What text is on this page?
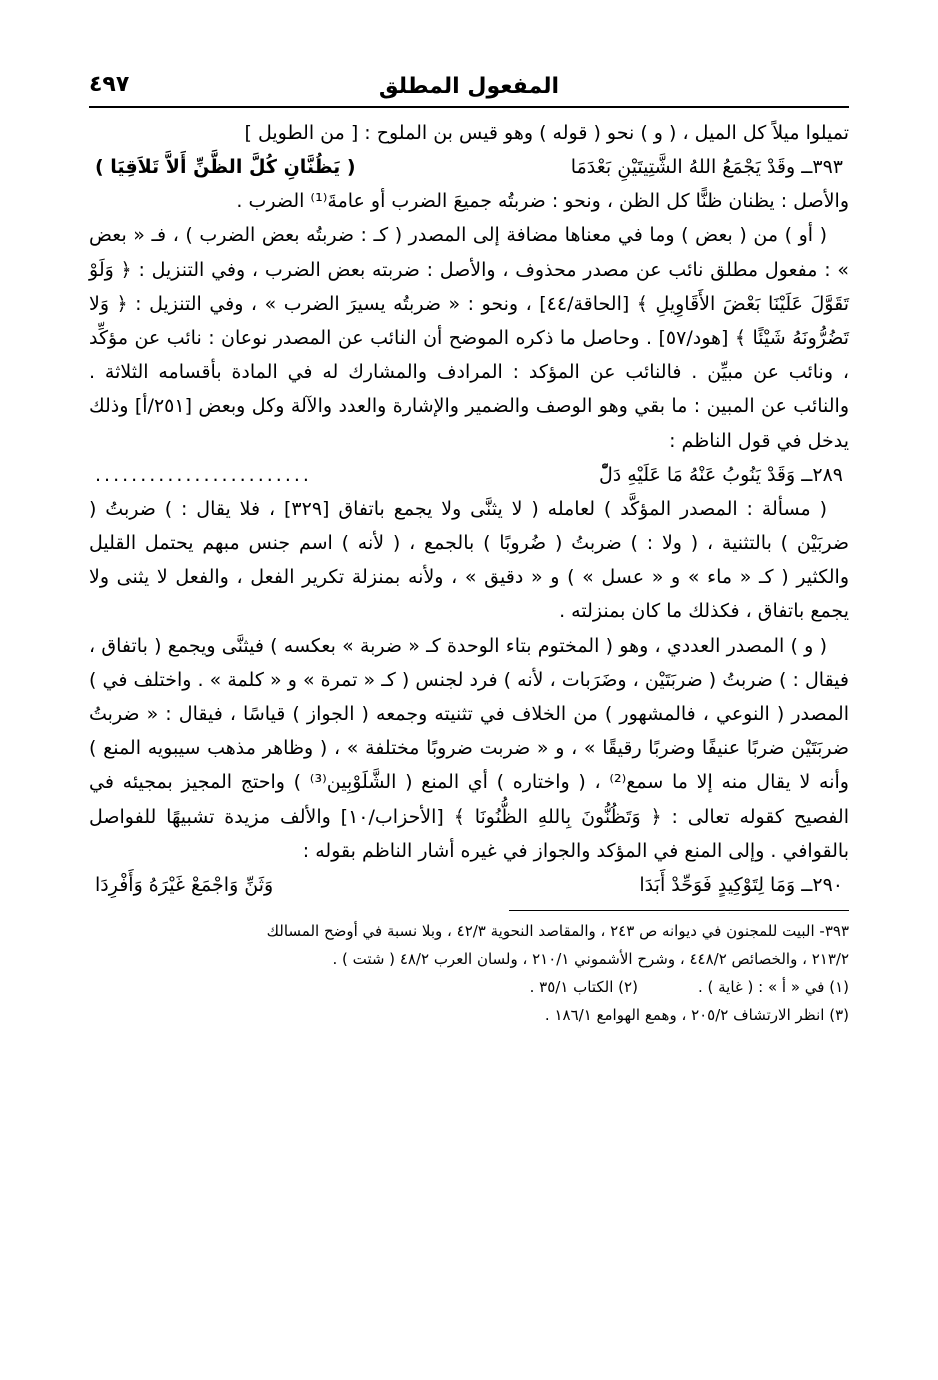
المفعول المطلق
٤٩٧

تميلوا ميلاً كل الميل ، ( و ) نحو ( قوله ) وهو قيس بن الملوح : [ من الطويل ]

٣٩٣ــ وقَدْ يَجْمَعُ اللهُ الشَّتِيتَيْنِ بَعْدَمَا
( يَظُنَّانِ كُلَّ الظَّنِّ أَلاَّ تَلاَقِيَا )

والأصل : يظنان ظنًّا كل الظن ، ونحو : ضربتُه جميعَ الضرب أو عامةَ⁽¹⁾ الضرب .

( أو ) من ( بعض ) وما في معناها مضافة إلى المصدر ( كـ : ضربتُه بعض الضرب ) ، فـ « بعض » : مفعول مطلق نائب عن مصدر محذوف ، والأصل : ضربته بعض الضرب ، وفي التنزيل : ﴿ وَلَوْ تَقَوَّلَ عَلَيْنَا بَعْضَ الأَقَاوِيلِ ﴾ [الحاقة/٤٤] ، ونحو : « ضربتُه يسيرَ الضرب » ، وفي التنزيل : ﴿ وَلا تَضُرُّونَهُ شَيْئًا ﴾ [هود/٥٧] . وحاصل ما ذكره الموضح أن النائب عن المصدر نوعان : نائب عن مؤكِّد ، ونائب عن مبيِّن . فالنائب عن المؤكد : المرادف والمشارك له في المادة بأقسامه الثلاثة . والنائب عن المبين : ما بقي وهو الوصف والضمير والإشارة والعدد والآلة وكل وبعض [٢٥١/أ] وذلك يدخل في قول الناظم :

٢٨٩ــ وَقَدْ يَنُوبُ عَنْهُ مَا عَلَيْهِ دَلّْ
........................

( مسألة : المصدر المؤكَّد ) لعامله ( لا يثنَّى ولا يجمع باتفاق [٣٢٩] ، فلا يقال : ) ضربتُ ( ضربَيْن ) بالتثنية ، ( ولا : ) ضربتُ ( ضُروبًا ) بالجمع ، ( لأنه ) اسم جنس مبهم يحتمل القليل والكثير ( كـ « ماء » و « عسل » ) و « دقيق » ، ولأنه بمنزلة تكرير الفعل ، والفعل لا يثنى ولا يجمع باتفاق ، فكذلك ما كان بمنزلته .

( و ) المصدر العددي ، وهو ( المختوم بتاء الوحدة كـ « ضربة » بعكسه ) فيثنَّى ويجمع ( باتفاق ، فيقال : ) ضربتُ ( ضربَتَيْن ، وضَرَبات ، لأنه ) فرد لجنس ( كـ « تمرة » و « كلمة » . واختلف في ) المصدر ( النوعي ، فالمشهور ) من الخلاف في تثنيته وجمعه ( الجواز ) قياسًا ، فيقال : « ضربتُ ضربَتَيْن ضربًا عنيفًا وضربًا رقيقًا » ، و « ضربت ضروبًا مختلفة » ، ( وظاهر مذهب سيبويه المنع ) وأنه لا يقال منه إلا ما سمع⁽²⁾ ، ( واختاره ) أي المنع ( الشَّلَوْبِين⁽³⁾ ) واحتج المجيز بمجيئه في الفصيح كقوله تعالى : ﴿ وَتَظُنُّونَ بِاللهِ الظُّنُونَا ﴾ [الأحزاب/١٠] والألف مزيدة تشبيهًا للفواصل بالقوافي . وإلى المنع في المؤكد والجواز في غيره أشار الناظم بقوله :

٢٩٠ــ وَمَا لِتَوْكِيدٍ فَوَحِّدْ أَبَدَا
وَثَنِّ وَاجْمَعْ غَيْرَهُ وَأَفْرِدَا

٣٩٣- البيت للمجنون في ديوانه ص ٢٤٣ ، والمقاصد النحوية ٤٢/٣ ، وبلا نسبة في أوضح المسالك

٢١٣/٢ ، والخصائص ٤٤٨/٢ ، وشرح الأشموني ٢١٠/١ ، ولسان العرب ٤٨/٢ ( شتت ) .

(١) في « أ » : ( غاية ) .
(٢) الكتاب ٣٥/١ .

(٣) انظر الارتشاف ٢٠٥/٢ ، وهمع الهوامع ١٨٦/١ .
